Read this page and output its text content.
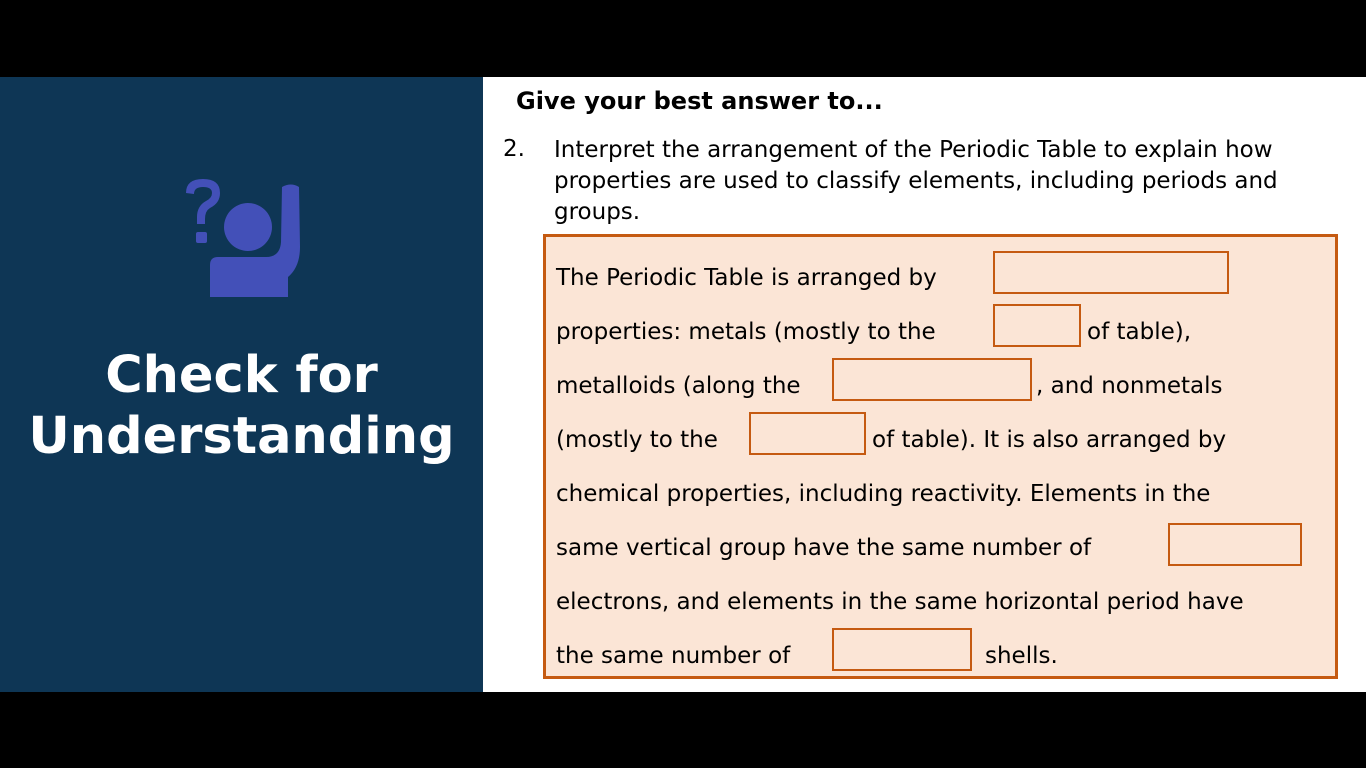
Check for
Understanding
Give your best answer to...
2. Interpret the arrangement of the Periodic Table to explain how properties are used to classify elements, including periods and groups.
The Periodic Table is arranged by
properties: metals (mostly to the	of table),
metalloids (along the	, and nonmetals
(mostly to the	of table). It is also arranged by
chemical properties, including reactivity. Elements in the
same vertical group have the same number of
electrons, and elements in the same horizontal period have
the same number of	shells.
